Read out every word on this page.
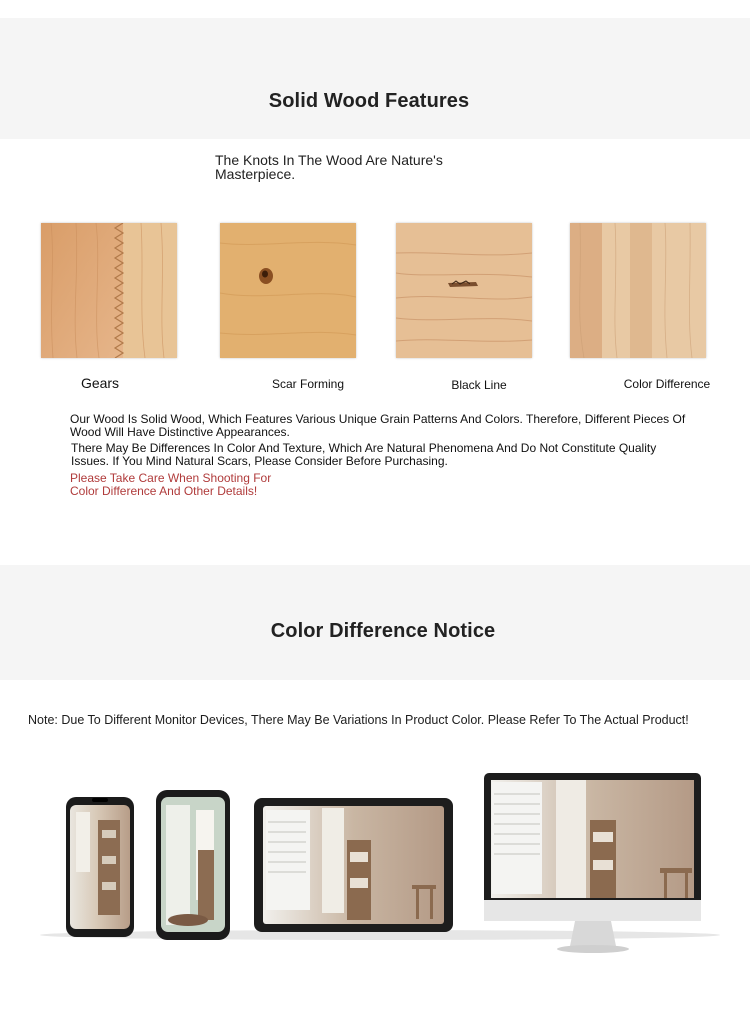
Solid Wood Features
The Knots In The Wood Are Nature's Masterpiece.
Gears	Scar Forming	Black Line	Color Difference
Our Wood Is Solid Wood, Which Features Various Unique Grain Patterns And Colors. Therefore, Different Pieces Of Wood Will Have Distinctive Appearances.
There May Be Differences In Color And Texture, Which Are Natural Phenomena And Do Not Constitute Quality Issues. If You Mind Natural Scars, Please Consider Before Purchasing.
Please Take Care When Shooting For
Color Difference And Other Details!
Color Difference Notice
Note: Due To Different Monitor Devices, There May Be Variations In Product Color. Please Refer To The Actual Product!
